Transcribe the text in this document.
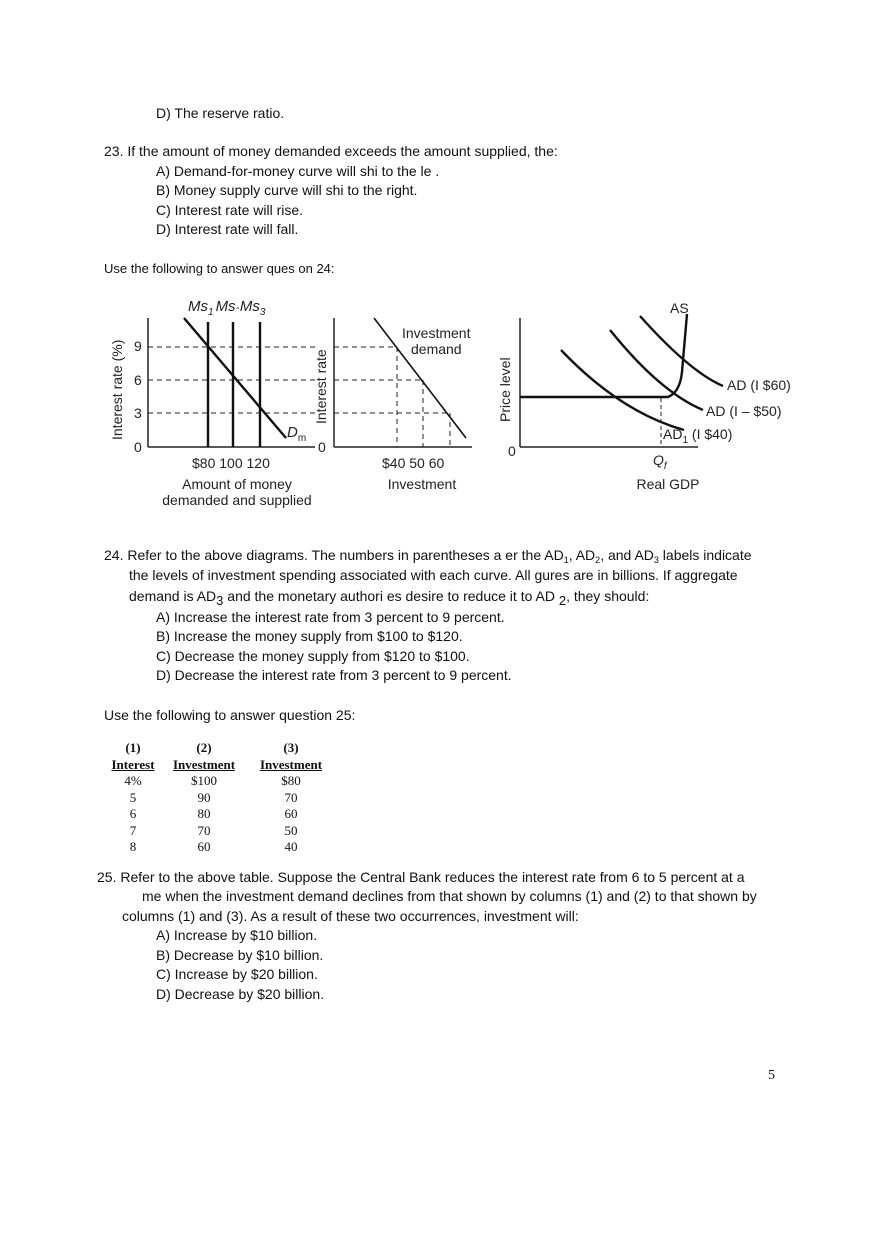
D) The reserve ratio.
23. If the amount of money demanded exceeds the amount supplied, the:
A) Demand-for-money curve will shi to the le .
B) Money supply curve will shi to the right.
C) Interest rate will rise.
D) Interest rate will fall.
Use the following to answer ques on 24:
Interest rate (%) 9
6
3
0
$Ms_1$ $Ms_ˆMs_3$
$D_m$
$80 100 120
Amount of money
demanded and supplied
Interest rate
0
Investment
demand
$40 50 60
Investment
Price level
0
AS
AD (I $60)
AD (I – $50)
$AD_1$ (I $40)
$Q_f$
Real GDP
24. Refer to the above diagrams. The numbers in parentheses a er the $AD_1$, $AD_2$, and $AD_3$ labels indicate
the levels of investment spending associated with each curve. All gures are in billions. If aggregate
demand is AD3 and the monetary authori es desire to reduce it to AD 2, they should:
A) Increase the interest rate from 3 percent to 9 percent.
B) Increase the money supply from $100 to $120.
C) Decrease the money supply from $120 to $100.
D) Decrease the interest rate from 3 percent to 9 percent.
Use the following to answer question 25:
(1)	(2)	(3)
Interest	Investment	Investment
4%	$100	$80
5	90	70
6	80	60
7	70	50
8	60	40
25. Refer to the above table. Suppose the Central Bank reduces the interest rate from 6 to 5 percent at a
me when the investment demand declines from that shown by columns (1) and (2) to that shown by
columns (1) and (3). As a result of these two occurrences, investment will:
A) Increase by $10 billion.
B) Decrease by $10 billion.
C) Increase by $20 billion.
D) Decrease by $20 billion.
5
